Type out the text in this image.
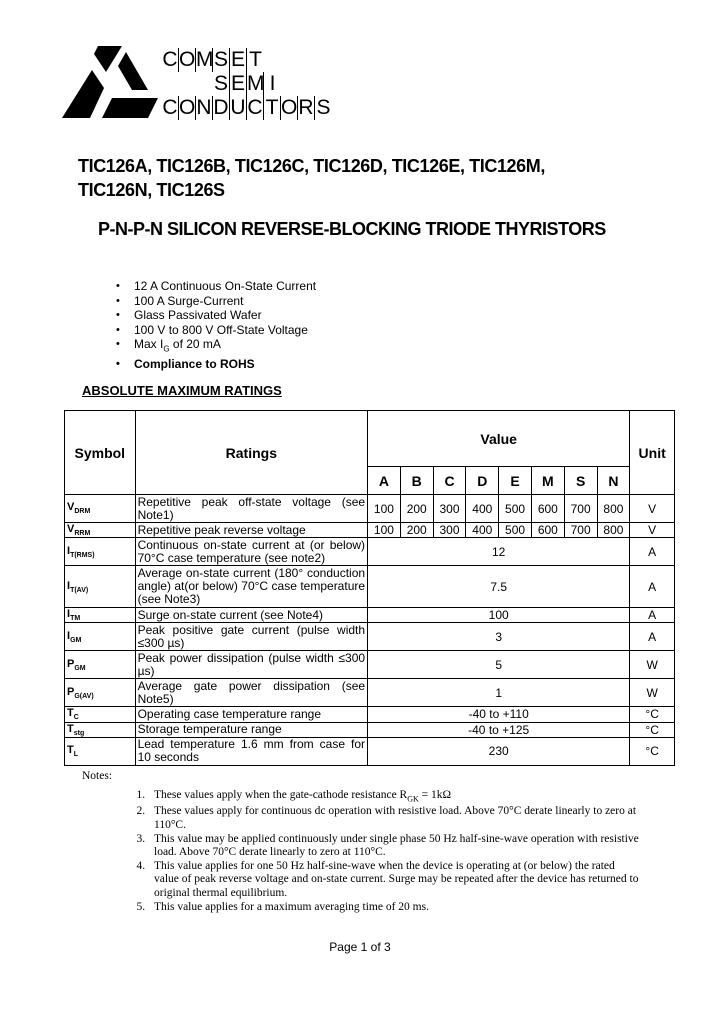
C O M S E T
S E M I
C O N D U C T O R S
TIC126A, TIC126B, TIC126C, TIC126D, TIC126E, TIC126M,
TIC126N, TIC126S
P-N-P-N SILICON REVERSE-BLOCKING TRIODE THYRISTORS
• 12 A Continuous On-State Current
• 100 A Surge-Current
• Glass Passivated Wafer
• 100 V to 800 V Off-State Voltage
• Max $I_G$ of 20 mA
• Compliance to ROHS
ABSOLUTE MAXIMUM RATINGS
Symbol	Ratings	Value								Unit
		A	B	C	D	E	M	S	N	
$V_{DRM}$	Repetitive peak off-state voltage (see Note1)	100	200	300	400	500	600	700	800	V
$V_{RRM}$	Repetitive peak reverse voltage	100	200	300	400	500	600	700	800	V
$I_{T(RMS)}$	Continuous on-state current at (or below) 70°C case temperature (see note2)	12								A
$I_{T(AV)}$	Average on-state current (180° conduction angle) at(or below) 70°C case temperature (see Note3)	7.5								A
$I_{TM}$	Surge on-state current (see Note4)	100								A
$I_{GM}$	Peak positive gate current (pulse width ≤300 µs)	3								A
$P_{GM}$	Peak power dissipation (pulse width ≤300 µs)	5								W
$P_{G(AV)}$	Average gate power dissipation (see Note5)	1								W
$T_C$	Operating case temperature range	-40 to +110								°C
$T_{stg}$	Storage temperature range	-40 to +125								°C
$T_L$	Lead temperature 1.6 mm from case for 10 seconds	230								°C
Notes:
1. These values apply when the gate-cathode resistance $R_{GK} = 1k\Omega$
2. These values apply for continuous dc operation with resistive load. Above 70°C derate linearly to zero at 110°C.
3. This value may be applied continuously under single phase 50 Hz half-sine-wave operation with resistive load. Above 70°C derate linearly to zero at 110°C.
4. This value applies for one 50 Hz half-sine-wave when the device is operating at (or below) the rated value of peak reverse voltage and on-state current. Surge may be repeated after the device has returned to original thermal equilibrium.
5. This value applies for a maximum averaging time of 20 ms.
Page 1 of 3
